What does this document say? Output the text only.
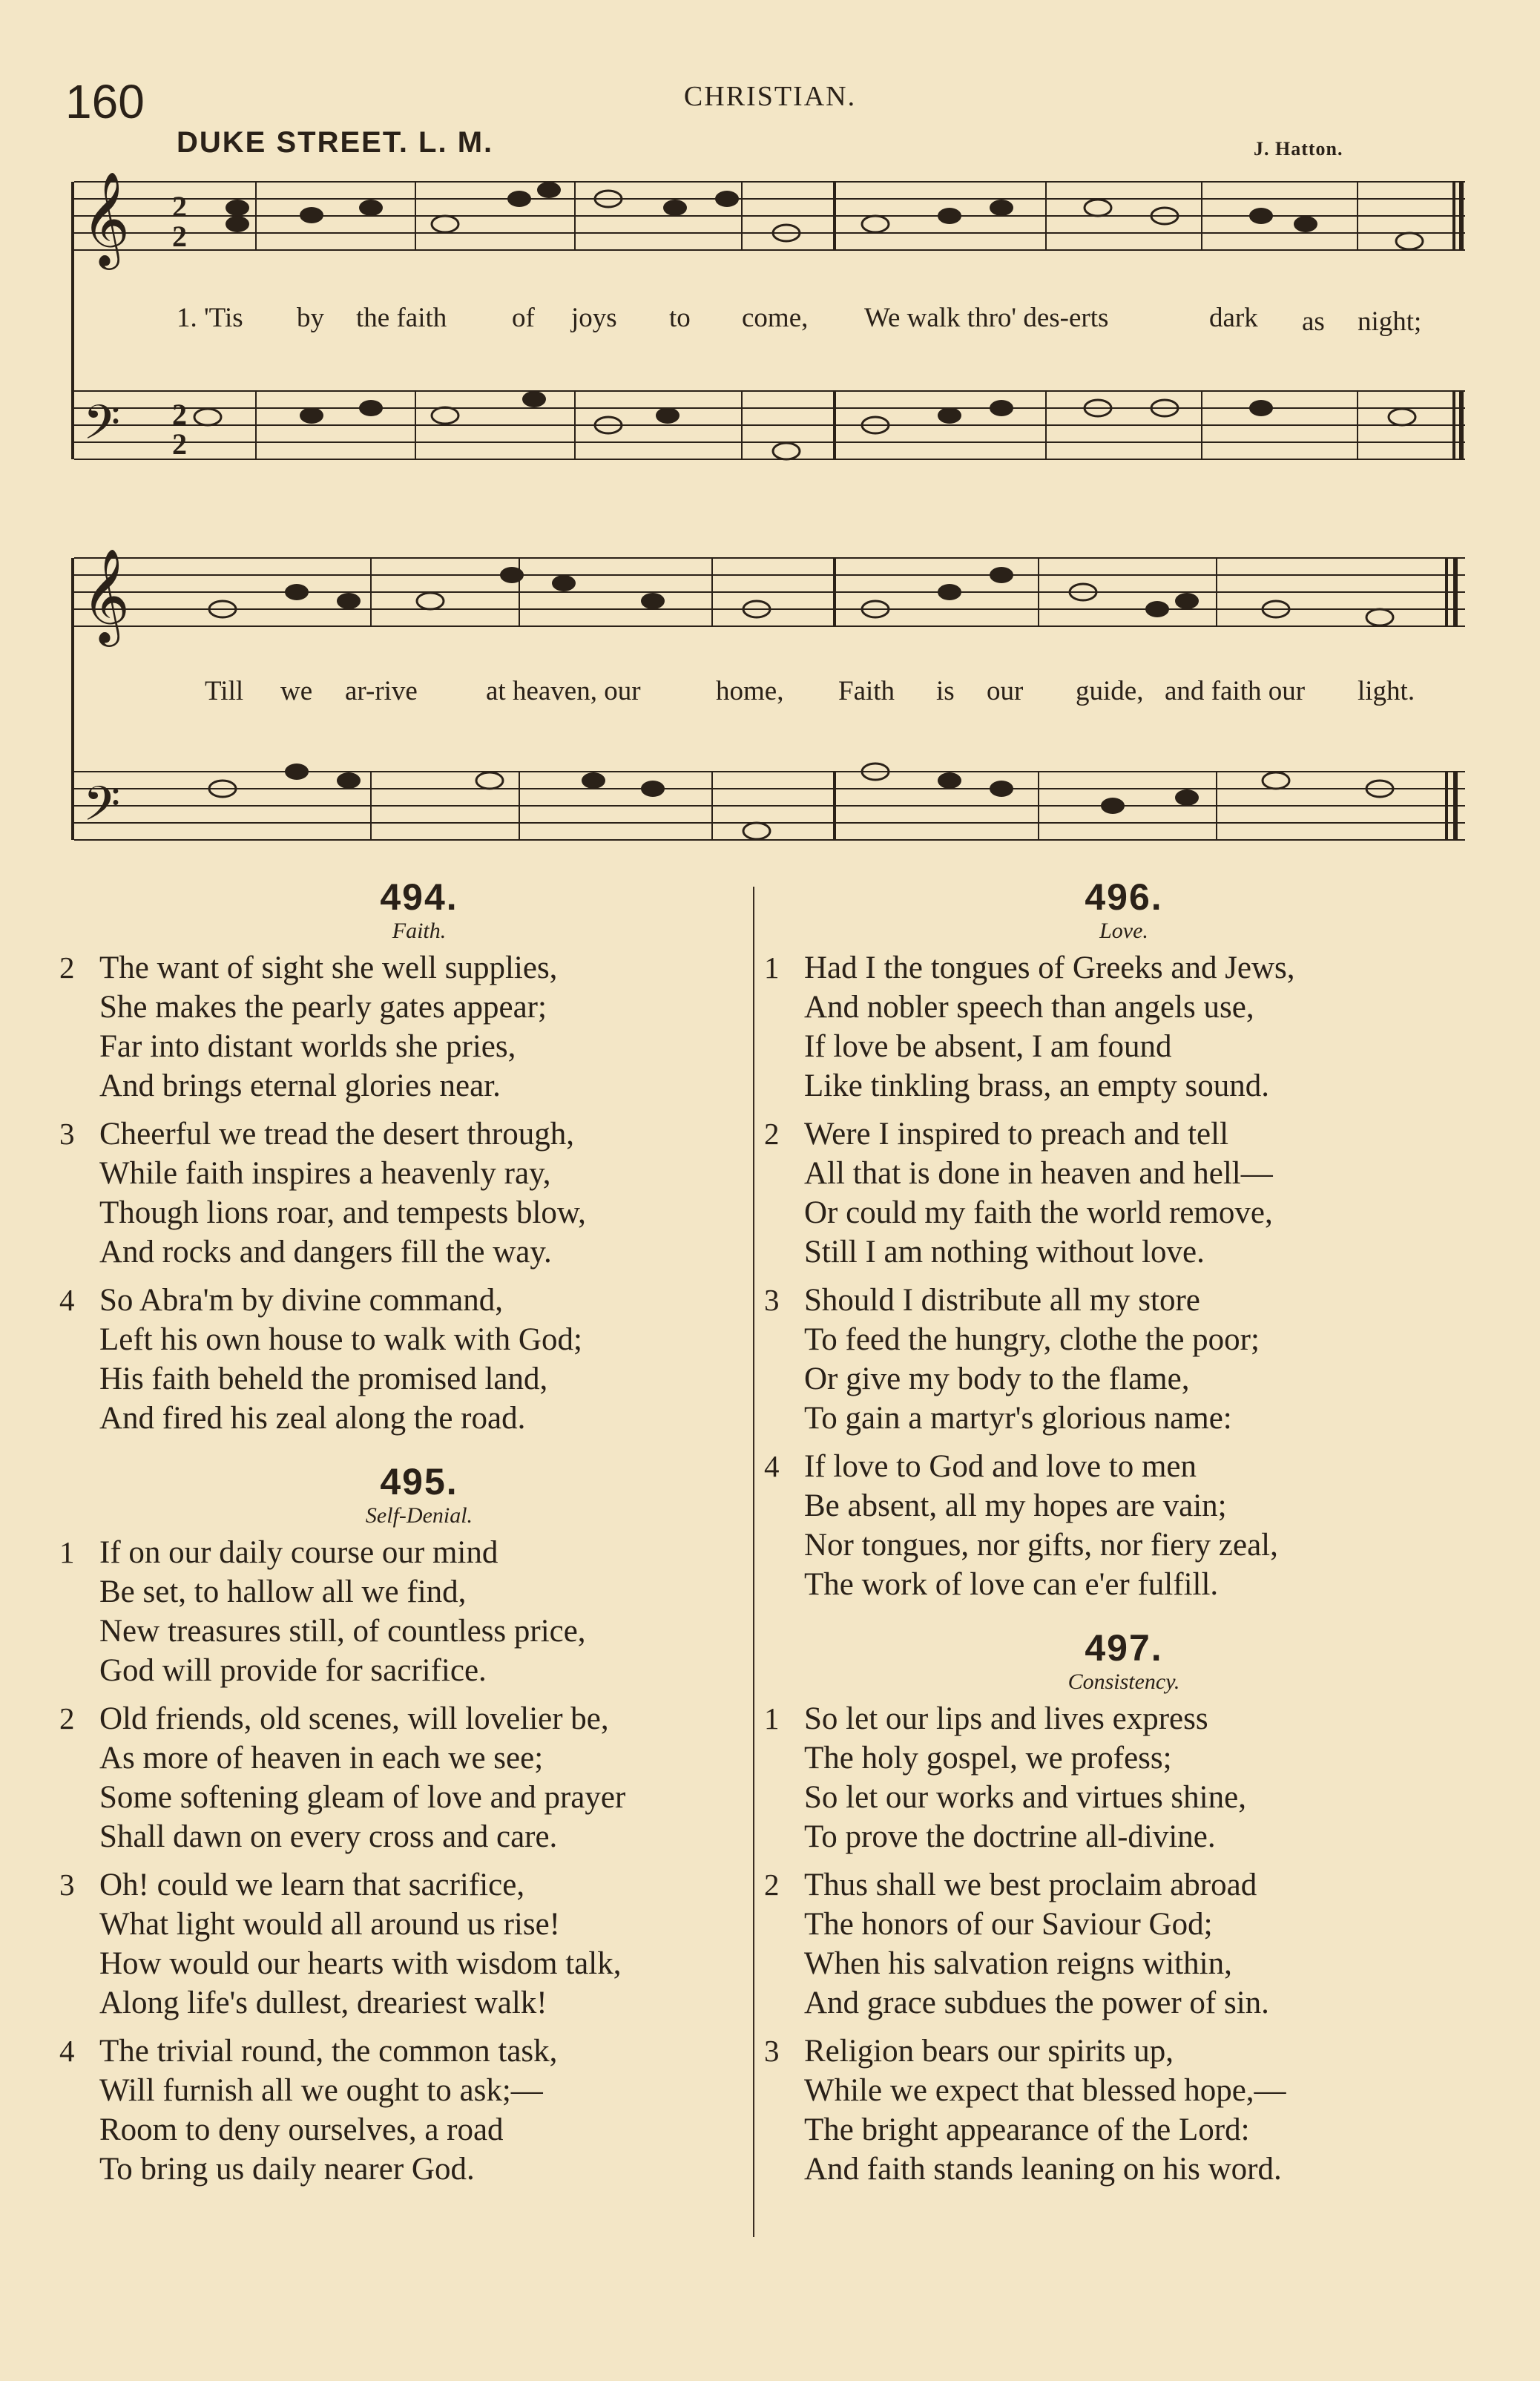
160	CHRISTIAN.
DUKE STREET. L. M.	J. Hatton.
𝄞
𝄢
2
2
2
2
𝄞
𝄢
1. 'Tis by the faith of joys to come, We walk thro' des-erts	dark as night;
Till we ar-rive at heaven, our	home, Faith is our guide, and faith our light.
494.
Faith.
2 The want of sight she well supplies,
She makes the pearly gates appear;
Far into distant worlds she pries,
And brings eternal glories near.
3 Cheerful we tread the desert through,
While faith inspires a heavenly ray,
Though lions roar, and tempests blow,
And rocks and dangers fill the way.
4 So Abra'm by divine command,
Left his own house to walk with God;
His faith beheld the promised land,
And fired his zeal along the road.
495.
Self-Denial.
1 If on our daily course our mind
Be set, to hallow all we find,
New treasures still, of countless price,
God will provide for sacrifice.
2 Old friends, old scenes, will lovelier be,
As more of heaven in each we see;
Some softening gleam of love and prayer
Shall dawn on every cross and care.
3 Oh! could we learn that sacrifice,
What light would all around us rise!
How would our hearts with wisdom talk,
Along life's dullest, dreariest walk!
4 The trivial round, the common task,
Will furnish all we ought to ask;—
Room to deny ourselves, a road
To bring us daily nearer God.
496.
Love.
1 Had I the tongues of Greeks and Jews,
And nobler speech than angels use,
If love be absent, I am found
Like tinkling brass, an empty sound.
2 Were I inspired to preach and tell
All that is done in heaven and hell—
Or could my faith the world remove,
Still I am nothing without love.
3 Should I distribute all my store
To feed the hungry, clothe the poor;
Or give my body to the flame,
To gain a martyr's glorious name:
4 If love to God and love to men
Be absent, all my hopes are vain;
Nor tongues, nor gifts, nor fiery zeal,
The work of love can e'er fulfill.
497.
Consistency.
1 So let our lips and lives express
The holy gospel, we profess;
So let our works and virtues shine,
To prove the doctrine all-divine.
2 Thus shall we best proclaim abroad
The honors of our Saviour God;
When his salvation reigns within,
And grace subdues the power of sin.
3 Religion bears our spirits up,
While we expect that blessed hope,—
The bright appearance of the Lord:
And faith stands leaning on his word.
